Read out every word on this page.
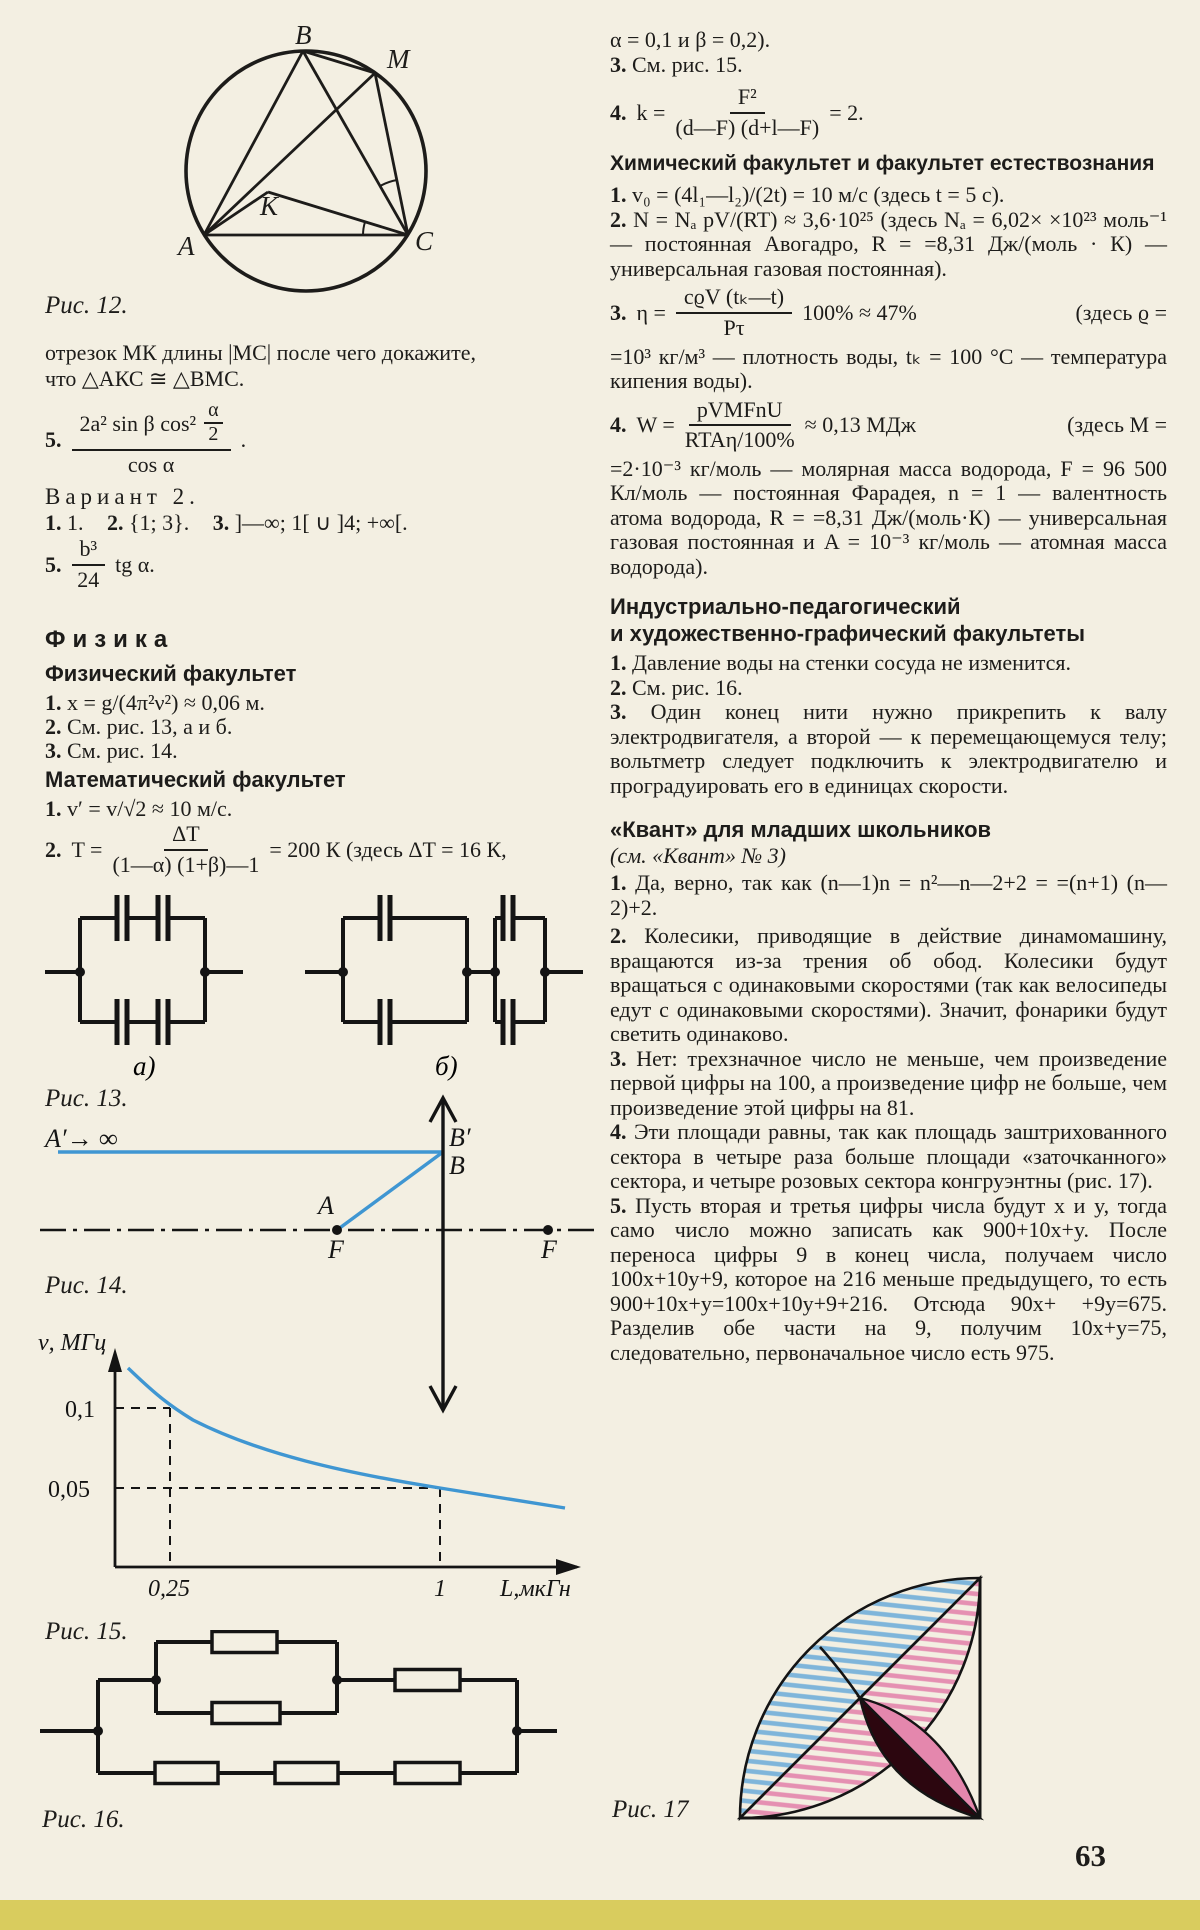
B
M
A	C
K
Рис. 12.
отрезок МК длины |МС| после чего докажите,
что △АКС ≅ △ВМС.
5. 2a² sin β cos²
α
2
cos α .
Вариант 2.
1. 1. 2. {1; 3}. 3. ]—∞; 1[ ∪ ]4; +∞[.
5. $\frac{\text{b³}}{24}$ tg α.
Физика
Физический факультет
1. x = g/(4π²ν²) ≈ 0,06 м.
2. См. рис. 13, а и б.
3. См. рис. 14.
Математический факультет
1. v′ = v/√2 ≈ 10 м/с.
2. $T = \frac{\Delta T}{(1—\alpha) (1+\beta)—1} = 200$ К (здесь ΔT = 16 К,
а)	б)
Рис. 13.
A′→ ∞	B′
B
A
F	F
Рис. 14.
ν, МГц
0,1
0,05
0,25	1 L,мкГн
Рис. 15.
Рис. 16.

α = 0,1 и β = 0,2).

3. См. рис. 15.

4. $k = \frac{\text{F²}}{(d—F) (d+l—F)} = 2$.
Химический факультет и факультет естествознания

1. v₀ = (4l₁—l₂)/(2t) = 10 м/с (здесь t = 5 с).

2. N = Nₐ pV/(RT) ≈ 3,6·10²⁵ (здесь Nₐ = 6,02× ×10²³ моль⁻¹ — постоянная Авогадро, R = =8,31 Дж/(моль · К) — универсальная газовая постоянная).

3. $\eta = \frac{\text{cϱV (tₖ—t)}}{P\tau} 100\% \approx 47\%$	(здесь ϱ =

=10³ кг/м³ — плотность воды, tₖ = 100 °С — температура кипения воды).

4. $W = \frac{\text{pVMFnU}}{\text{RTAη/100\%}} \approx 0,13$ МДж	(здесь М =

=2·10⁻³ кг/моль — молярная масса водорода, F = 96 500 Кл/моль — постоянная Фарадея, n = 1 — валентность атома водорода, R = =8,31 Дж/(моль·К) — универсальная газовая постоянная и A = 10⁻³ кг/моль — атомная масса водорода).

Индустриально-педагогический
и художественно-графический факультеты

1. Давление воды на стенки сосуда не изменится.

2. См. рис. 16.

3. Один конец нити нужно прикрепить к валу электродвигателя, а второй — к перемещающемуся телу; вольтметр следует подключить к электродвигателю и проградуировать его в единицах скорости.

«Квант» для младших школьников
(см. «Квант» № 3)

1. Да, верно, так как (n—1)n = n²—n—2+2 = =(n+1) (n—2)+2.

2. Колесики, приводящие в действие динамомашину, вращаются из-за трения об обод. Колесики будут вращаться с одинаковыми скоростями (так как велосипеды едут с одинаковыми скоростями). Значит, фонарики будут светить одинаково.

3. Нет: трехзначное число не меньше, чем произведение первой цифры на 100, а произведение цифр не больше, чем произведение этой цифры на 81.

4. Эти площади равны, так как площадь заштрихованного сектора в четыре раза больше площади «заточканного» сектора, и четыре розовых сектора конгруэнтны (рис. 17).

5. Пусть вторая и третья цифры числа будут x и y, тогда само число можно записать как 900+10x+y. После переноса цифры 9 в конец числа, получаем число 100x+10y+9, которое на 216 меньше предыдущего, то есть 900+10x+y=100x+10y+9+216. Отсюда 90x+ +9y=675. Разделив обе части на 9, получим 10x+y=75, следовательно, первоначальное число есть 975.

Рис. 17
63
